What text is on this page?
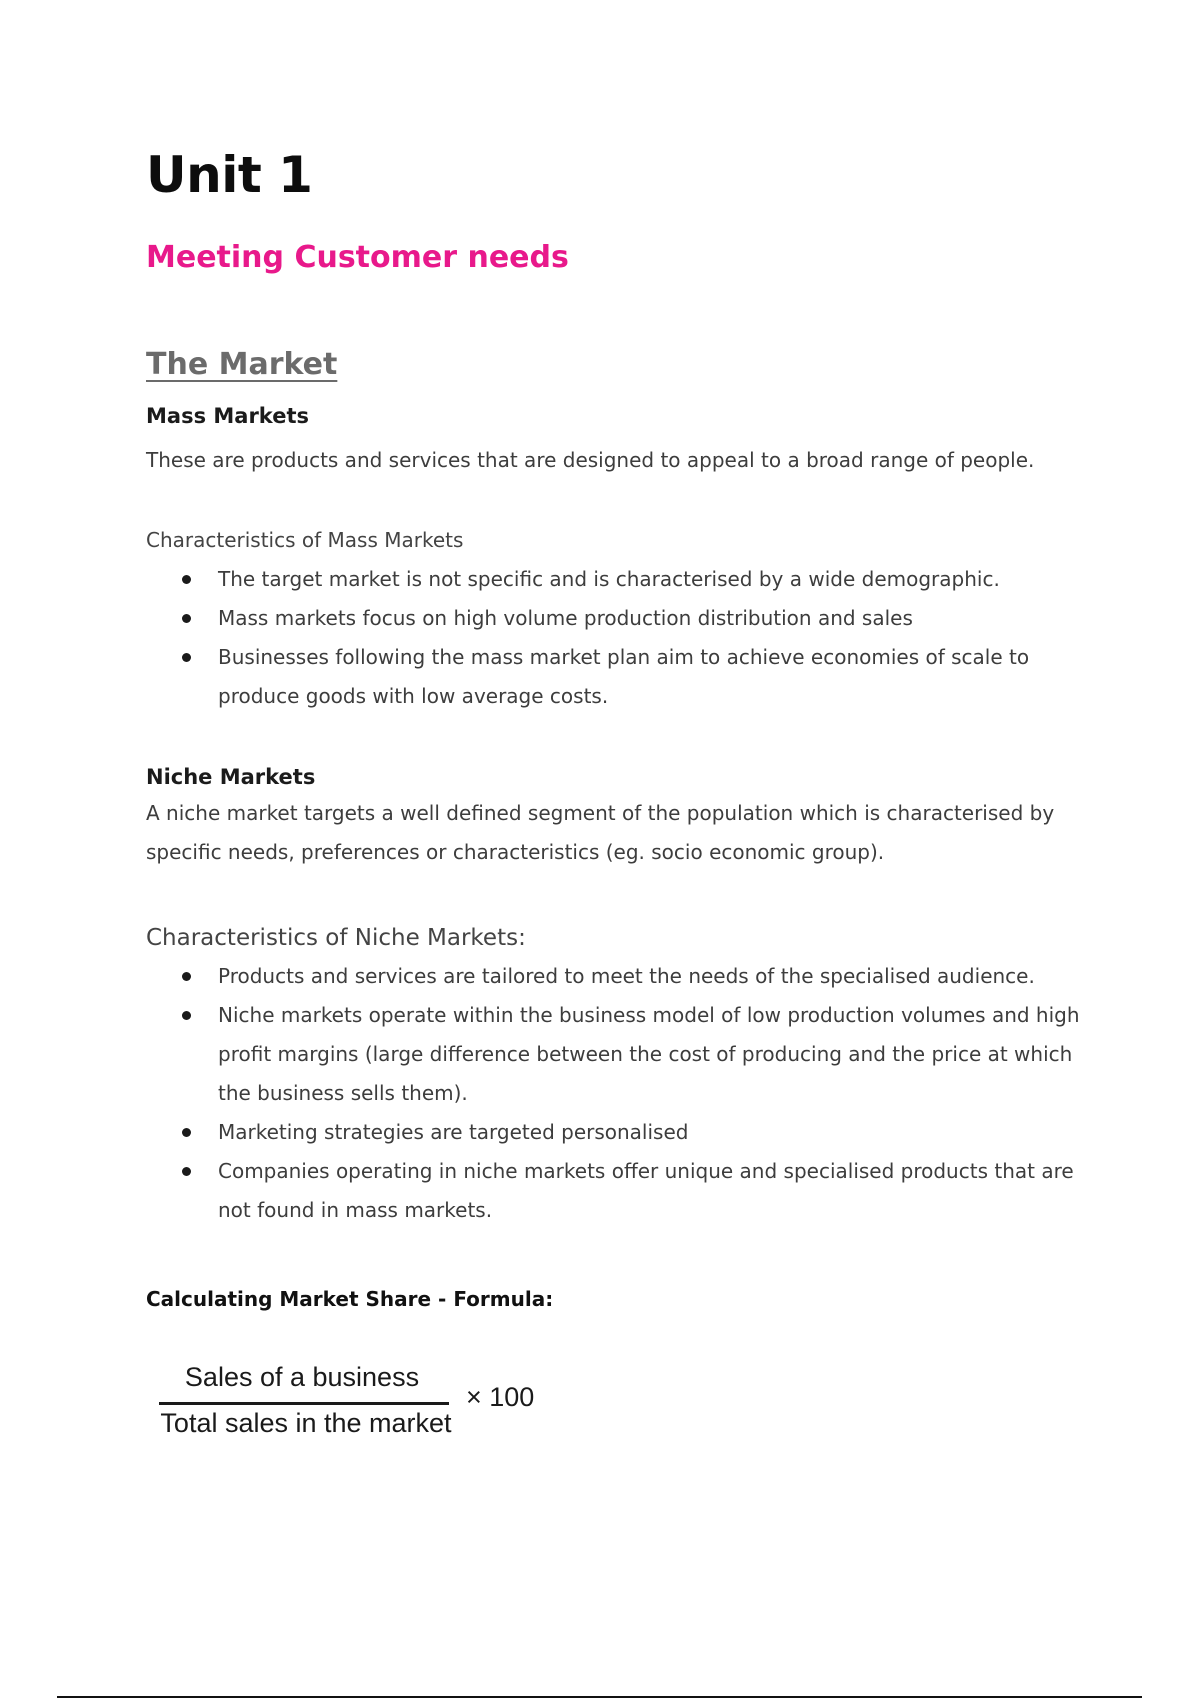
Unit 1
Meeting Customer needs
The Market

Mass Markets

These are products and services that are designed to appeal to a broad range of people.

Characteristics of Mass Markets

The target market is not specific and is characterised by a wide demographic.
Mass markets focus on high volume production distribution and sales
Businesses following the mass market plan aim to achieve economies of scale to produce goods with low average costs.

Niche Markets

A niche market targets a well defined segment of the population which is characterised by specific needs, preferences or characteristics (eg. socio economic group).

Characteristics of Niche Markets:

Products and services are tailored to meet the needs of the specialised audience.
Niche markets operate within the business model of low production volumes and high profit margins (large difference between the cost of producing and the price at which the business sells them).
Marketing strategies are targeted personalised
Companies operating in niche markets offer unique and specialised products that are not found in mass markets.

Calculating Market Share - Formula:

Sales of a business
Total sales in the market
× 100
